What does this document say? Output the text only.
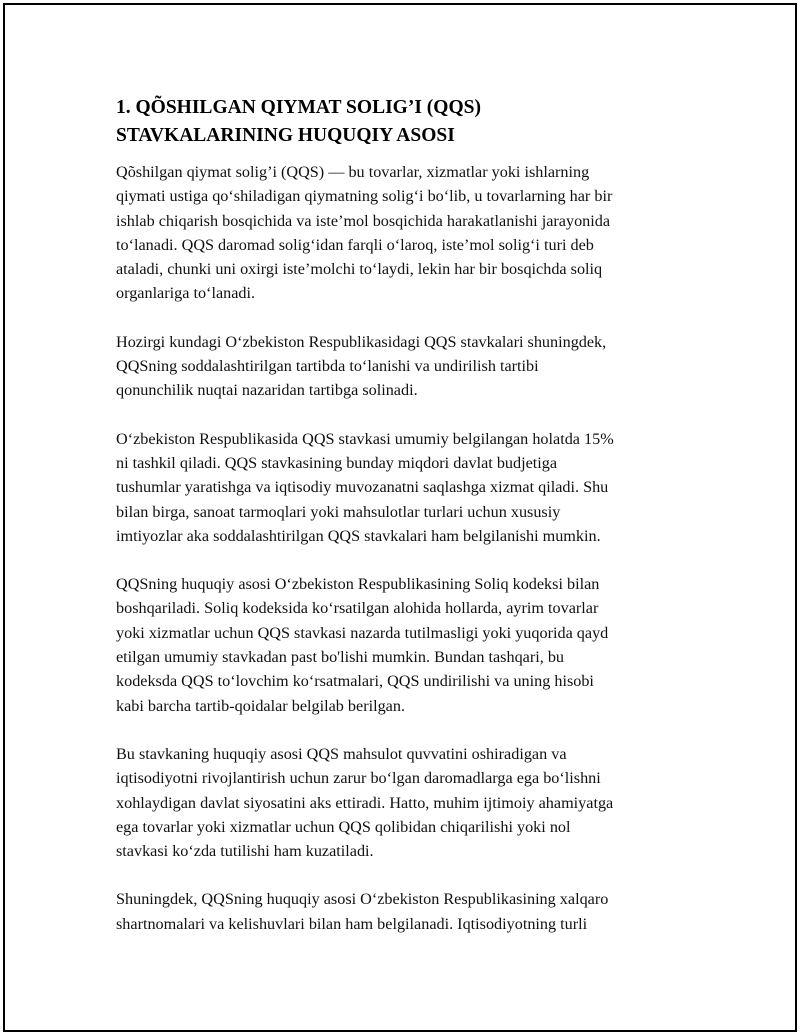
1. QÕSHILGAN QIYMAT SOLIG’I (QQS)
STAVKALARINING HUQUQIY ASOSI

Qõshilgan qiymat solig’i (QQS) — bu tovarlar, xizmatlar yoki ishlarning
qiymati ustiga qo‘shiladigan qiymatning solig‘i bo‘lib, u tovarlarning har bir
ishlab chiqarish bosqichida va iste’mol bosqichida harakatlanishi jarayonida
to‘lanadi. QQS daromad solig‘idan farqli o‘laroq, iste’mol solig‘i turi deb
ataladi, chunki uni oxirgi iste’molchi to‘laydi, lekin har bir bosqichda soliq
organlariga to‘lanadi.

Hozirgi kundagi O‘zbekiston Respublikasidagi QQS stavkalari shuningdek,
QQSning soddalashtirilgan tartibda to‘lanishi va undirilish tartibi
qonunchilik nuqtai nazaridan tartibga solinadi.

O‘zbekiston Respublikasida QQS stavkasi umumiy belgilangan holatda 15%
ni tashkil qiladi. QQS stavkasining bunday miqdori davlat budjetiga
tushumlar yaratishga va iqtisodiy muvozanatni saqlashga xizmat qiladi. Shu
bilan birga, sanoat tarmoqlari yoki mahsulotlar turlari uchun xususiy
imtiyozlar aka soddalashtirilgan QQS stavkalari ham belgilanishi mumkin.

QQSning huquqiy asosi O‘zbekiston Respublikasining Soliq kodeksi bilan
boshqariladi. Soliq kodeksida ko‘rsatilgan alohida hollarda, ayrim tovarlar
yoki xizmatlar uchun QQS stavkasi nazarda tutilmasligi yoki yuqorida qayd
etilgan umumiy stavkadan past bo'lishi mumkin. Bundan tashqari, bu
kodeksda QQS to‘lovchim ko‘rsatmalari, QQS undirilishi va uning hisobi
kabi barcha tartib-qoidalar belgilab berilgan.

Bu stavkaning huquqiy asosi QQS mahsulot quvvatini oshiradigan va
iqtisodiyotni rivojlantirish uchun zarur bo‘lgan daromadlarga ega bo‘lishni
xohlaydigan davlat siyosatini aks ettiradi. Hatto, muhim ijtimoiy ahamiyatga
ega tovarlar yoki xizmatlar uchun QQS qolibidan chiqarilishi yoki nol
stavkasi ko‘zda tutilishi ham kuzatiladi.

Shuningdek, QQSning huquqiy asosi O‘zbekiston Respublikasining xalqaro
shartnomalari va kelishuvlari bilan ham belgilanadi. Iqtisodiyotning turli
